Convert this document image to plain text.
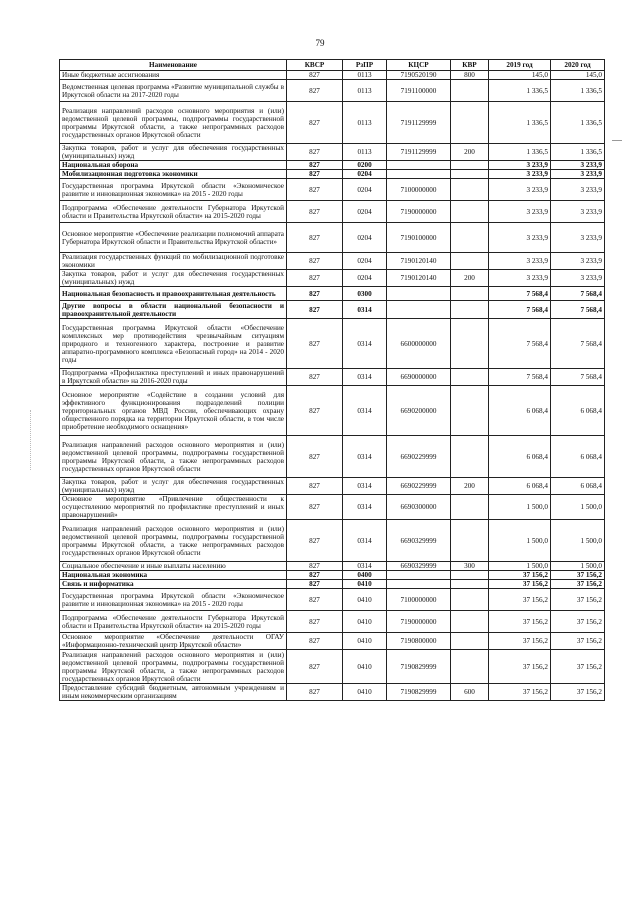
79
Наименование	КВСР	РзПР	КЦСР	КВР	2019 год	2020 год
Иные бюджетные ассигнования	827	0113	7190520190	800	145,0	145,0
Ведомственная целевая программа «Развитие муниципальной службы в Иркутской области на 2017-2020 годы	827	0113	7191100000		1 336,5	1 336,5
Реализация направлений расходов основного мероприятия и (или) ведомственной целевой программы, подпрограммы государственной программы Иркутской области, а также непрограммных расходов государственных органов Иркутской области	827	0113	7191129999		1 336,5	1 336,5
Закупка товаров, работ и услуг для обеспечения государственных (муниципальных) нужд	827	0113	7191129999	200	1 336,5	1 336,5
Национальная оборона	827	0200			3 233,9	3 233,9
Мобилизационная подготовка экономики	827	0204			3 233,9	3 233,9
Государственная программа Иркутской области «Экономическое развитие и инновационная экономика» на 2015 - 2020 годы	827	0204	7100000000		3 233,9	3 233,9
Подпрограмма «Обеспечение деятельности Губернатора Иркутской области и Правительства Иркутской области» на 2015-2020 годы	827	0204	7190000000		3 233,9	3 233,9
Основное мероприятие «Обеспечение реализации полномочий аппарата Губернатора Иркутской области и Правительства Иркутской области»	827	0204	7190100000		3 233,9	3 233,9
Реализация государственных функций по мобилизационной подготовке экономики	827	0204	7190120140		3 233,9	3 233,9
Закупка товаров, работ и услуг для обеспечения государственных (муниципальных) нужд	827	0204	7190120140	200	3 233,9	3 233,9
Национальная безопасность и правоохранительная деятельность	827	0300			7 568,4	7 568,4
Другие вопросы в области национальной безопасности и правоохранительной деятельности	827	0314			7 568,4	7 568,4
Государственная программа Иркутской области «Обеспечение комплексных мер противодействия чрезвычайным ситуациям природного и техногенного характера, построение и развитие аппаратно-программного комплекса «Безопасный город» на 2014 - 2020 годы	827	0314	6600000000		7 568,4	7 568,4
Подпрограмма «Профилактика преступлений и иных правонарушений в Иркутской области» на 2016-2020 годы	827	0314	6690000000		7 568,4	7 568,4
Основное мероприятие «Содействие в создании условий для эффективного функционирования подразделений полиции территориальных органов МВД России, обеспечивающих охрану общественного порядка на территории Иркутской области, в том числе приобретение необходимого оснащения»	827	0314	6690200000		6 068,4	6 068,4
Реализация направлений расходов основного мероприятия и (или) ведомственной целевой программы, подпрограммы государственной программы Иркутской области, а также непрограммных расходов государственных органов Иркутской области	827	0314	6690229999		6 068,4	6 068,4
Закупка товаров, работ и услуг для обеспечения государственных (муниципальных) нужд	827	0314	6690229999	200	6 068,4	6 068,4
Основное мероприятие «Привлечение общественности к осуществлению мероприятий по профилактике преступлений и иных правонарушений»	827	0314	6690300000		1 500,0	1 500,0
Реализация направлений расходов основного мероприятия и (или) ведомственной целевой программы, подпрограммы государственной программы Иркутской области, а также непрограммных расходов государственных органов Иркутской области	827	0314	6690329999		1 500,0	1 500,0
Социальное обеспечение и иные выплаты населению	827	0314	6690329999	300	1 500,0	1 500,0
Национальная экономика	827	0400			37 156,2	37 156,2
Связь и информатика	827	0410			37 156,2	37 156,2
Государственная программа Иркутской области «Экономическое развитие и инновационная экономика» на 2015 - 2020 годы	827	0410	7100000000		37 156,2	37 156,2
Подпрограмма «Обеспечение деятельности Губернатора Иркутской области и Правительства Иркутской области» на 2015-2020 годы	827	0410	7190000000		37 156,2	37 156,2
Основное мероприятие «Обеспечение деятельности ОГАУ «Информационно-технический центр Иркутской области»	827	0410	7190800000		37 156,2	37 156,2
Реализация направлений расходов основного мероприятия и (или) ведомственной целевой программы, подпрограммы государственной программы Иркутской области, а также непрограммных расходов государственных органов Иркутской области	827	0410	7190829999		37 156,2	37 156,2
Предоставление субсидий бюджетным, автономным учреждениям и иным некоммерческим организациям	827	0410	7190829999	600	37 156,2	37 156,2
